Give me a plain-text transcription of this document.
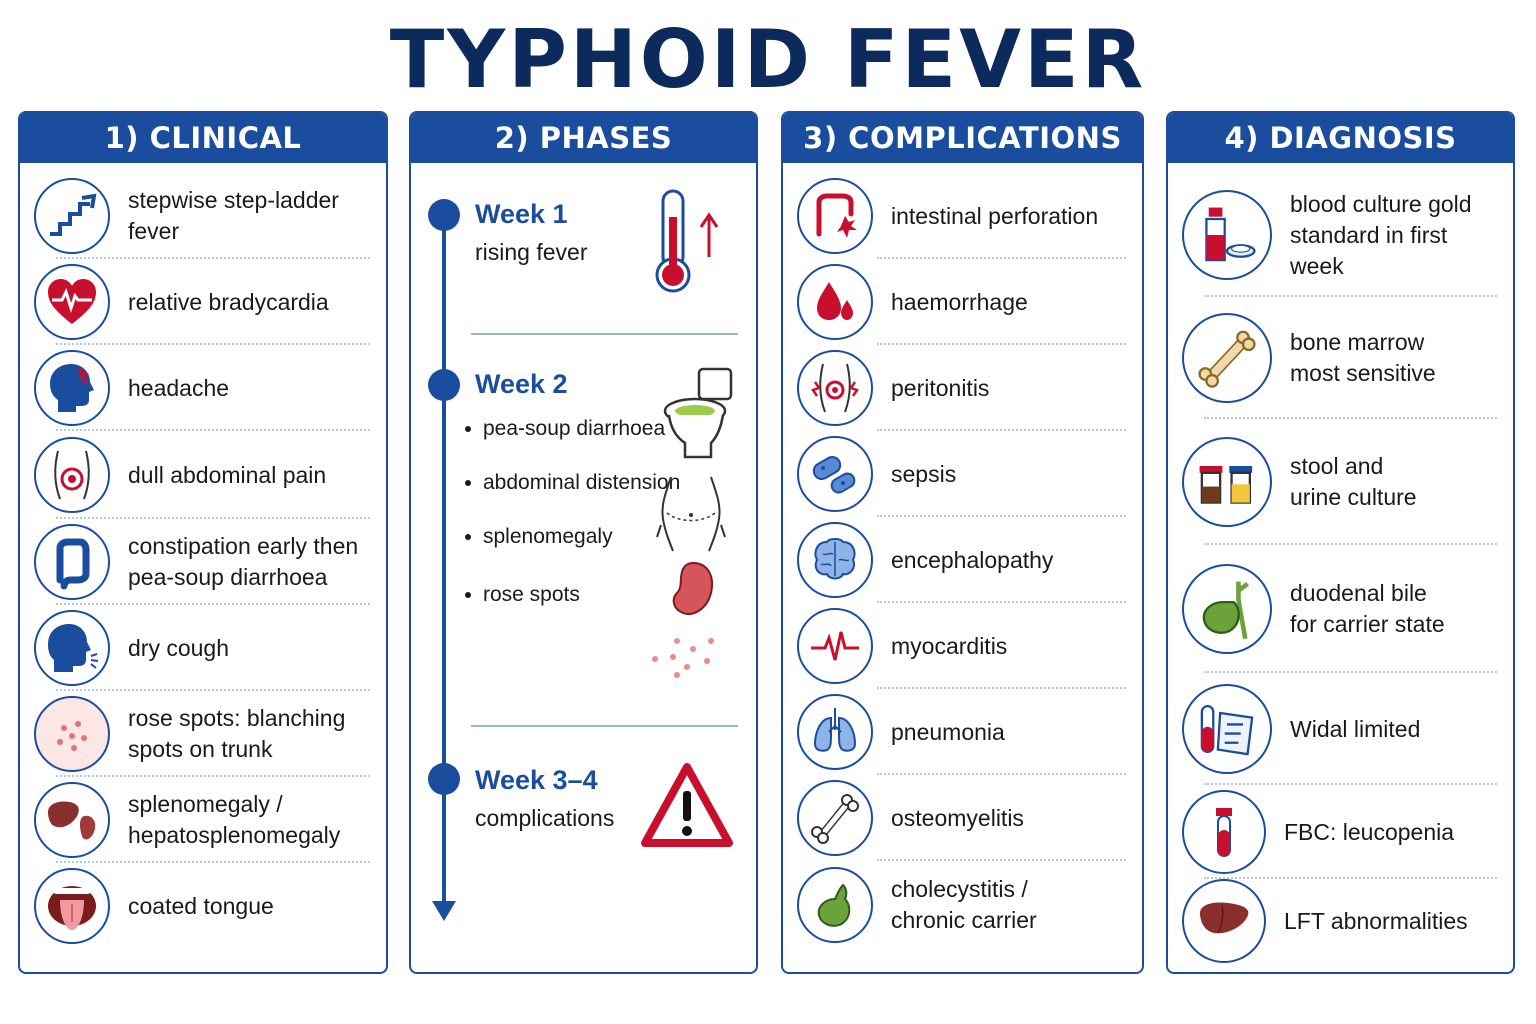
TYPHOID FEVER
1) CLINICAL
stepwise step-ladder fever
relative bradycardia
headache
dull abdominal pain
constipation early then
pea-soup diarrhoea
dry cough
rose spots: blanching
spots on trunk
splenomegaly /
hepatosplenomegaly
coated tongue
2) PHASES
Week 1
rising fever
Week 2
pea-soup diarrhoea
abdominal distension
splenomegaly
rose spots
Week 3–4
complications
3) COMPLICATIONS
intestinal perforation
haemorrhage
peritonitis
sepsis
encephalopathy
myocarditis
pneumonia
osteomyelitis
cholecystitis /
chronic carrier
4) DIAGNOSIS
blood culture gold
standard in first week
bone marrow
most sensitive
stool and
urine culture
duodenal bile
for carrier state
Widal limited
FBC: leucopenia
LFT abnormalities
